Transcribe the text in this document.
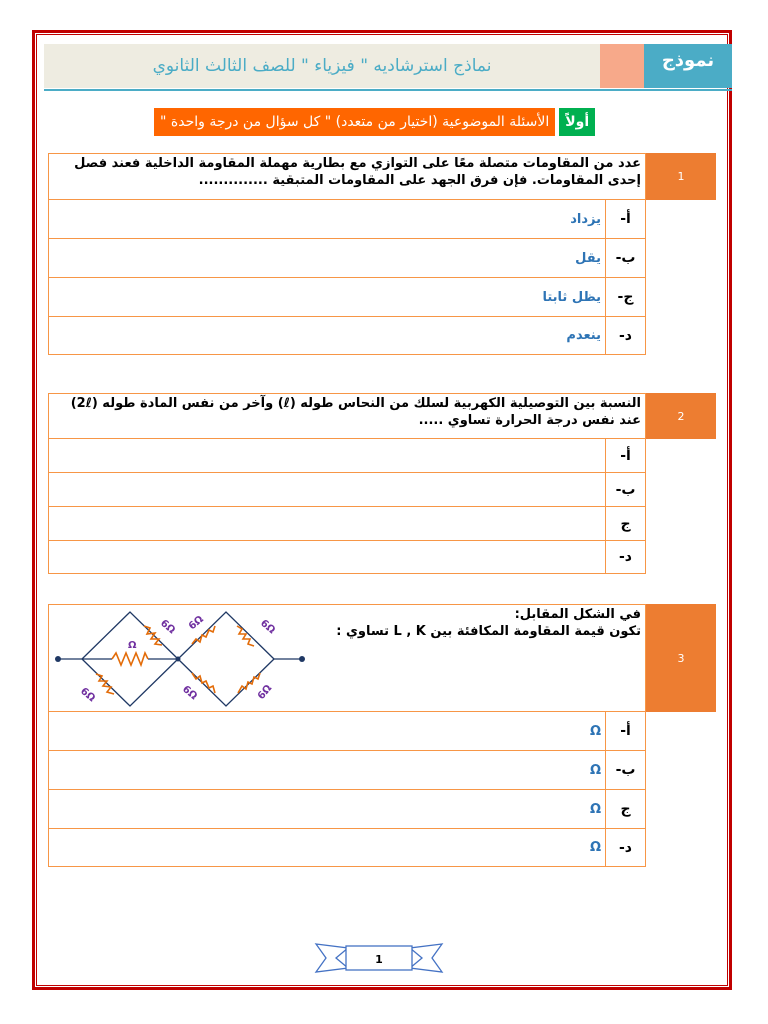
نماذج استرشاديه " فيزياء " للصف الثالث الثانوي	نموذج
أولاً
الأسئلة الموضوعية (اختيار من متعدد) " كل سؤال من درجة واحدة "
عدد من المقاومات متصلة معًا على التوازي مع بطارية مهملة المقاومة الداخلية فعند فصل إحدى المقاومات. فإن فرق الجهد على المقاومات المتبقية ..............	1
أ-
يزداد
ب-
يقل
ج-
يظل ثابتا
د-
ينعدم
النسبة بين التوصيلية الكهربية لسلك من النحاس طوله (ℓ) وآخر من نفس المادة طوله (2ℓ) عند نفس درجة الحرارة تساوي .....	2
أ-
ب-
ج
د-
في الشكل المقابل:
تكون قيمة المقاومة المكافئة بين L , K تساوي :
3
6Ω 6Ω
Ω
6Ω
6Ω	6Ω	6Ω
أ-
Ω
ب-
Ω
ج
Ω
د-
Ω
1
